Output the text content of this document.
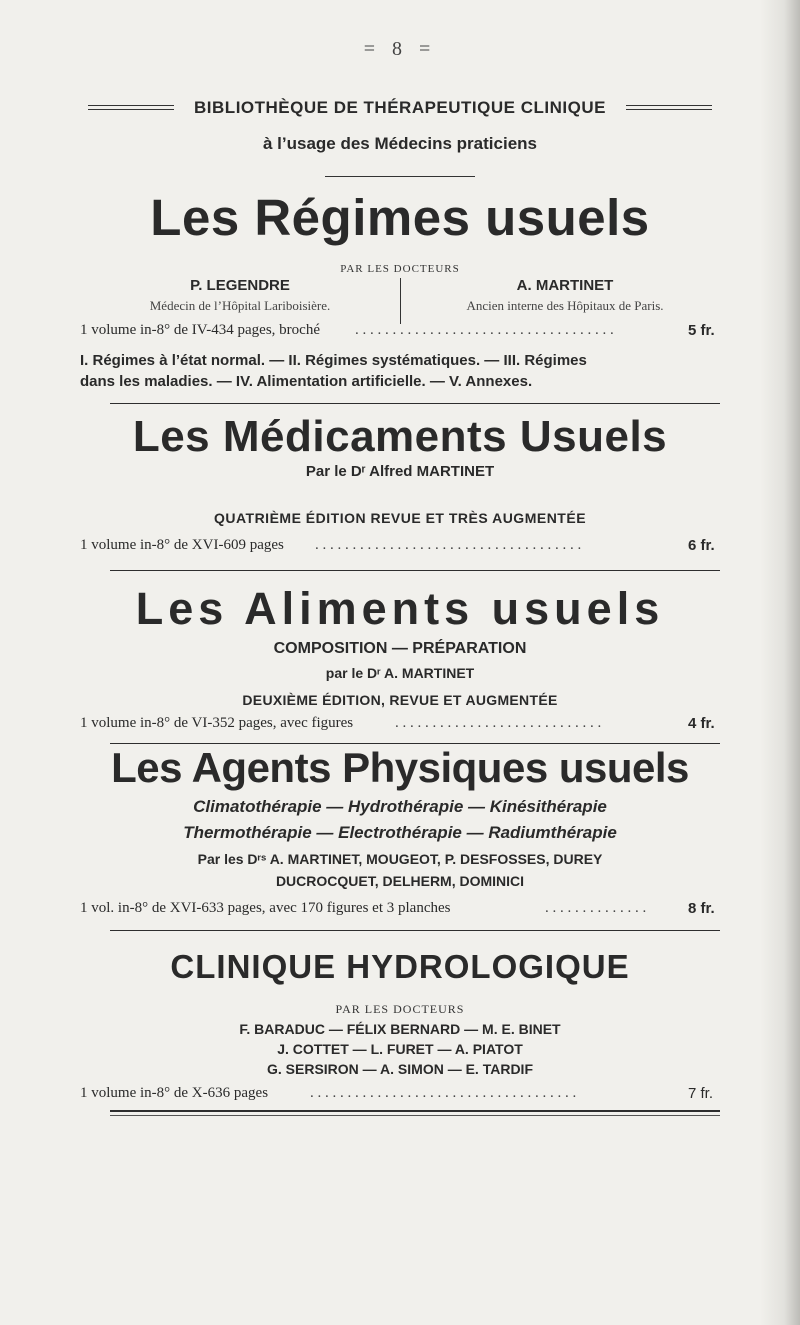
= 8 =
BIBLIOTHÈQUE DE THÉRAPEUTIQUE CLINIQUE
à l’usage des Médecins praticiens
Les Régimes usuels
PAR LES DOCTEURS
P. LEGENDRE
Médecin de l’Hôpital Lariboisière.
A. MARTINET
Ancien interne des Hôpitaux de Paris.
1 volume in-8° de IV-434 pages, broché . . . . . . . . . . . . . . . . . . . . . . . . . . . . . . . . . . .	5 fr.
I. Régimes à l’état normal. — II. Régimes systématiques. — III. Régimes
dans les maladies. — IV. Alimentation artificielle. — V. Annexes.
Les Médicaments Usuels
Par le Dʳ Alfred MARTINET
QUATRIÈME ÉDITION REVUE ET TRÈS AUGMENTÉE
1 volume in-8° de XVI-609 pages . . . . . . . . . . . . . . . . . . . . . . . . . . . . . . . . . . . .	6 fr.
Les Aliments usuels
COMPOSITION — PRÉPARATION
par le Dʳ A. MARTINET
DEUXIÈME ÉDITION, REVUE ET AUGMENTÉE
1 volume in-8° de VI-352 pages, avec figures	. . . . . . . . . . . . . . . . . . . . . . . . . . . .	4 fr.
Les Agents Physiques usuels
Climatothérapie — Hydrothérapie — Kinésithérapie
Thermothérapie — Electrothérapie — Radiumthérapie
Par les Dʳˢ A. MARTINET, MOUGEOT, P. DESFOSSES, DUREY
DUCROCQUET, DELHERM, DOMINICI
1 vol. in-8° de XVI-633 pages, avec 170 figures et 3 planches	. . . . . . . . . . . . . .	8 fr.
CLINIQUE HYDROLOGIQUE
PAR LES DOCTEURS
F. BARADUC — FÉLIX BERNARD — M. E. BINET
J. COTTET — L. FURET — A. PIATOT
G. SERSIRON — A. SIMON — E. TARDIF
1 volume in-8° de X-636 pages	. . . . . . . . . . . . . . . . . . . . . . . . . . . . . . . . . . . .	7 fr.
